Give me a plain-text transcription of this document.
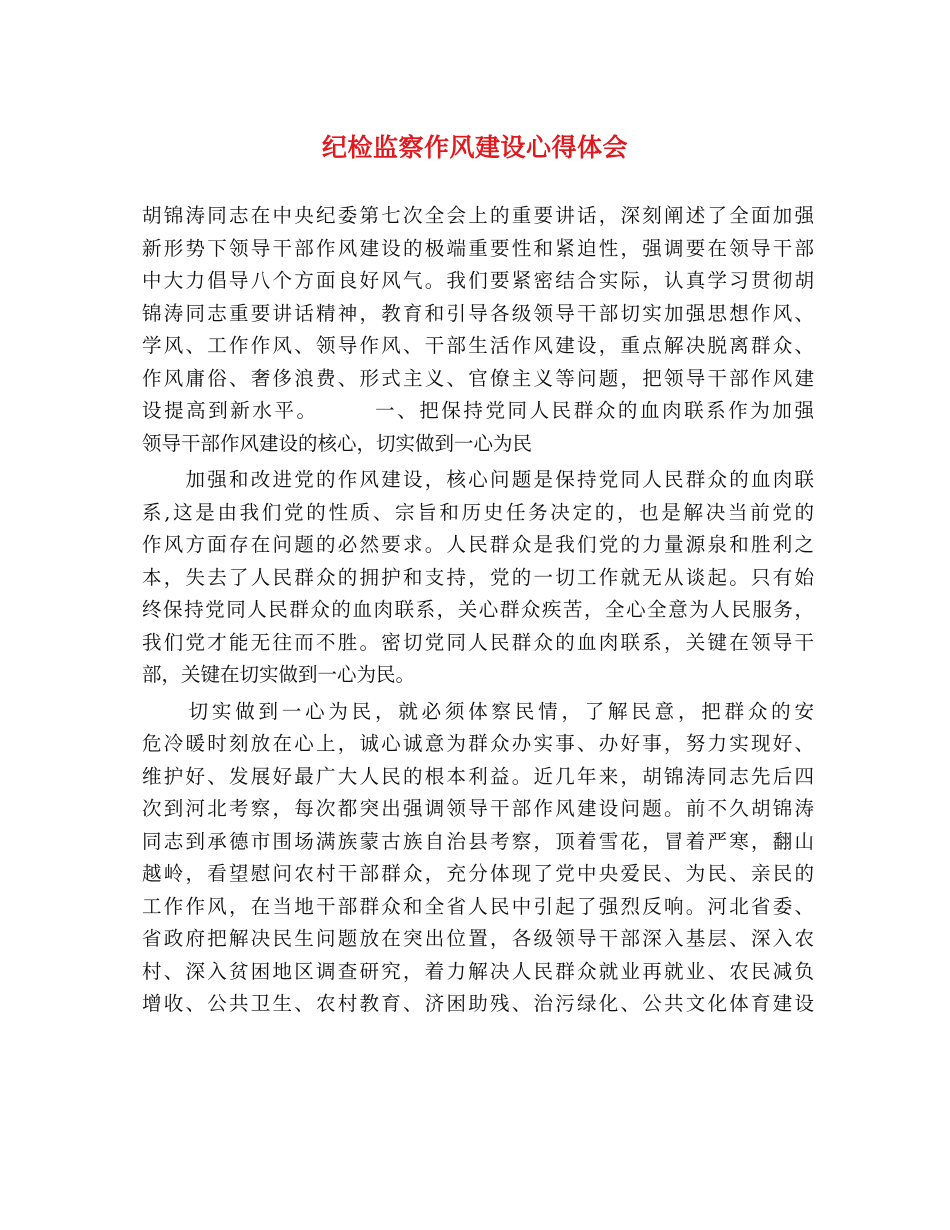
纪检监察作风建设心得体会
胡锦涛同志在中央纪委第七次全会上的重要讲话，深刻阐述了全面加强
新形势下领导干部作风建设的极端重要性和紧迫性，强调要在领导干部
中大力倡导八个方面良好风气。我们要紧密结合实际，认真学习贯彻胡
锦涛同志重要讲话精神，教育和引导各级领导干部切实加强思想作风、
学风、工作作风、领导作风、干部生活作风建设，重点解决脱离群众、
作风庸俗、奢侈浪费、形式主义、官僚主义等问题，把领导干部作风建
设提高到新水平。　　　一、把保持党同人民群众的血肉联系作为加强
领导干部作风建设的核心，切实做到一心为民
　　加强和改进党的作风建设，核心问题是保持党同人民群众的血肉联
系,这是由我们党的性质、宗旨和历史任务决定的，也是解决当前党的
作风方面存在问题的必然要求。人民群众是我们党的力量源泉和胜利之
本，失去了人民群众的拥护和支持，党的一切工作就无从谈起。只有始
终保持党同人民群众的血肉联系，关心群众疾苦，全心全意为人民服务，
我们党才能无往而不胜。密切党同人民群众的血肉联系，关键在领导干
部，关键在切实做到一心为民。
　　切实做到一心为民，就必须体察民情，了解民意，把群众的安
危冷暖时刻放在心上，诚心诚意为群众办实事、办好事，努力实现好、
维护好、发展好最广大人民的根本利益。近几年来，胡锦涛同志先后四
次到河北考察，每次都突出强调领导干部作风建设问题。前不久胡锦涛
同志到承德市围场满族蒙古族自治县考察，顶着雪花，冒着严寒，翻山
越岭，看望慰问农村干部群众，充分体现了党中央爱民、为民、亲民的
工作作风，在当地干部群众和全省人民中引起了强烈反响。河北省委、
省政府把解决民生问题放在突出位置，各级领导干部深入基层、深入农
村、深入贫困地区调查研究，着力解决人民群众就业再就业、农民减负
增收、公共卫生、农村教育、济困助残、治污绿化、公共文化体育建设
